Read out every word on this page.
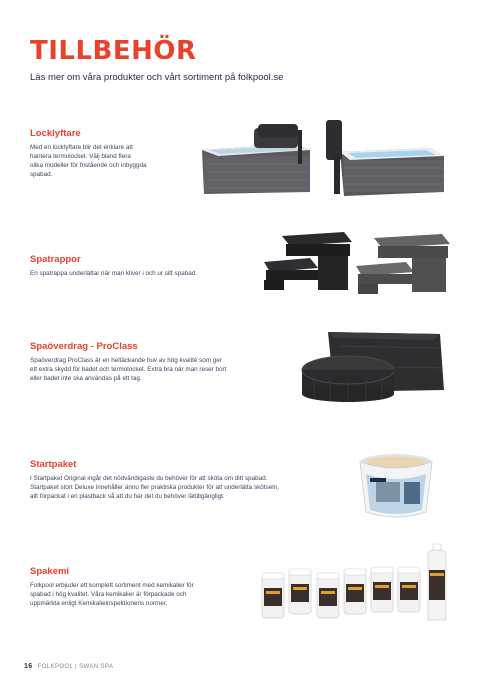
TILLBEHÖR
Läs mer om våra produkter och vårt sortiment på folkpool.se
Locklyftare
Med en locklyftare blir det enklare att
hantera termolocket. Välj bland flera
olika modeller för fristående och inbyggda
spabad.
Spatrappor
En spatrappa underlättar när man kliver i och ur sitt spabad.
Spaöverdrag - ProClass
Spaöverdrag ProClass är en heltäckande huv av hög kvalité som ger
ett extra skydd för badet och termolocket. Extra bra när man reser bort
eller badet inte ska användas på ett tag.
Startpaket
I Startpaket Original ingår det nödvändigaste du behöver för att sköta om ditt spabad.
Startpaket stort Deluxe innehåller ännu fler praktiska produkter för att underlätta skötseln,
allt förpackat i en plastback så att du har det du behöver lättillgängligt.
Spakemi
Folkpool erbjuder ett komplett sortiment med kemikalier för
spabad i hög kvalitet. Våra kemikalier är förpackade och
uppmärkta enligt Kemikalieinspektionens normer.
16 FOLKPOOL | SWAN SPA
